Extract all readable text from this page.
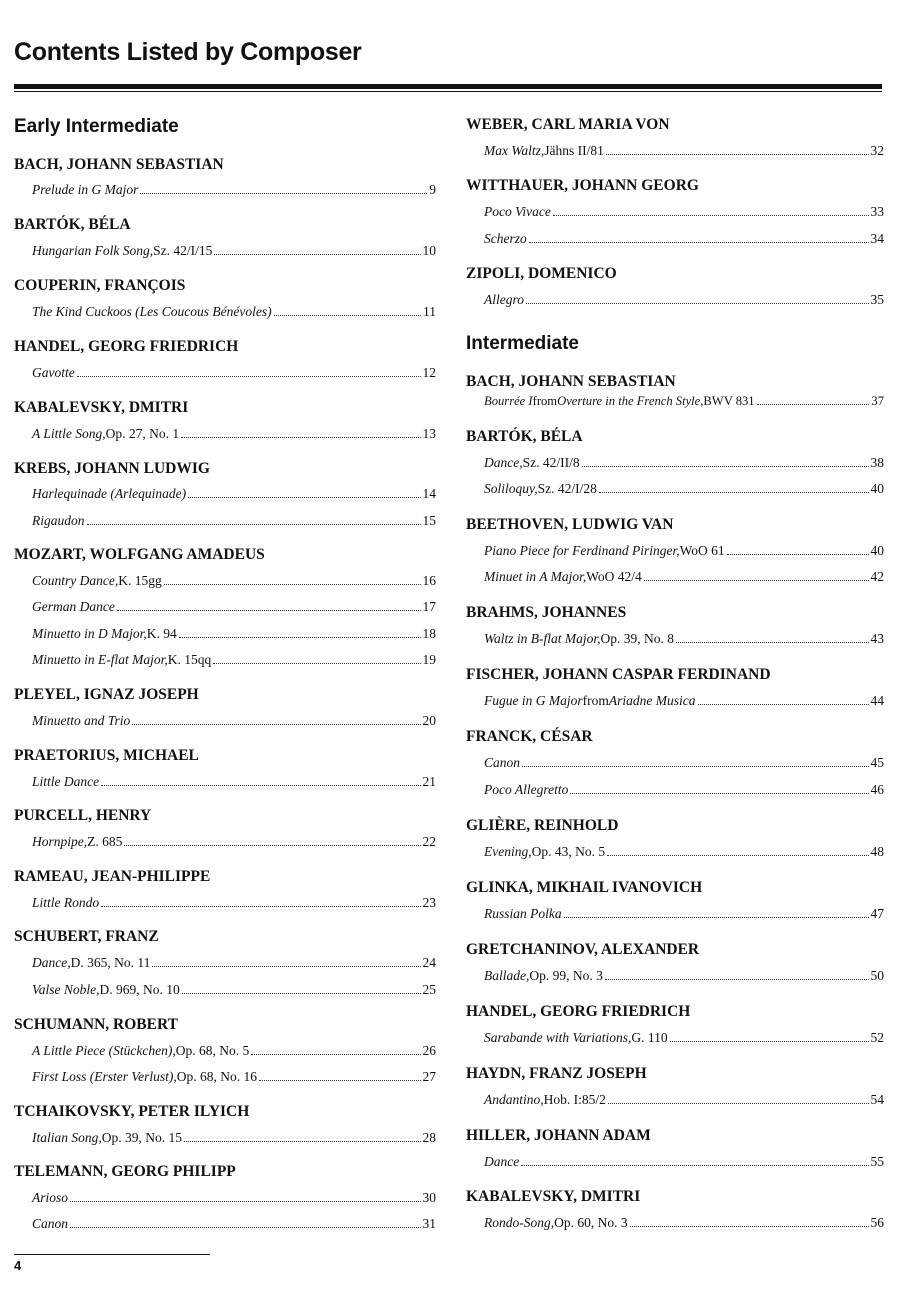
Contents Listed by Composer
Early Intermediate
BACH, JOHANN SEBASTIAN
Prelude in G Major	9
BARTÓK, BÉLA
Hungarian Folk Song, Sz. 42/I/15	10
COUPERIN, FRANÇOIS
The Kind Cuckoos (Les Coucous Bénévoles)	11
HANDEL, GEORG FRIEDRICH
Gavotte	12
KABALEVSKY, DMITRI
A Little Song, Op. 27, No. 1	13
KREBS, JOHANN LUDWIG
Harlequinade (Arlequinade)	14
Rigaudon	15
MOZART, WOLFGANG AMADEUS
Country Dance, K. 15gg	16
German Dance	17
Minuetto in D Major, K. 94	18
Minuetto in E-flat Major, K. 15qq	19
PLEYEL, IGNAZ JOSEPH
Minuetto and Trio	20
PRAETORIUS, MICHAEL
Little Dance	21
PURCELL, HENRY
Hornpipe, Z. 685	22
RAMEAU, JEAN-PHILIPPE
Little Rondo	23
SCHUBERT, FRANZ
Dance, D. 365, No. 11	24
Valse Noble, D. 969, No. 10	25
SCHUMANN, ROBERT
A Little Piece (Stückchen), Op. 68, No. 5	26
First Loss (Erster Verlust), Op. 68, No. 16	27
TCHAIKOVSKY, PETER ILYICH
Italian Song, Op. 39, No. 15	28
TELEMANN, GEORG PHILIPP
Arioso	30
Canon	31
WEBER, CARL MARIA VON
Max Waltz, Jähns II/81	32
WITTHAUER, JOHANN GEORG
Poco Vivace	33
Scherzo	34
ZIPOLI, DOMENICO
Allegro	35
Intermediate
BACH, JOHANN SEBASTIAN
Bourrée I from Overture in the French Style, BWV 831	37
BARTÓK, BÉLA
Dance, Sz. 42/II/8	38
Soliloquy, Sz. 42/I/28	40
BEETHOVEN, LUDWIG VAN
Piano Piece for Ferdinand Piringer, WoO 61	40
Minuet in A Major, WoO 42/4	42
BRAHMS, JOHANNES
Waltz in B-flat Major, Op. 39, No. 8	43
FISCHER, JOHANN CASPAR FERDINAND
Fugue in G Major from Ariadne Musica	44
FRANCK, CÉSAR
Canon	45
Poco Allegretto	46
GLIÈRE, REINHOLD
Evening, Op. 43, No. 5	48
GLINKA, MIKHAIL IVANOVICH
Russian Polka	47
GRETCHANINOV, ALEXANDER
Ballade, Op. 99, No. 3	50
HANDEL, GEORG FRIEDRICH
Sarabande with Variations, G. 110	52
HAYDN, FRANZ JOSEPH
Andantino, Hob. I:85/2	54
HILLER, JOHANN ADAM
Dance	55
KABALEVSKY, DMITRI
Rondo-Song, Op. 60, No. 3	56
4
